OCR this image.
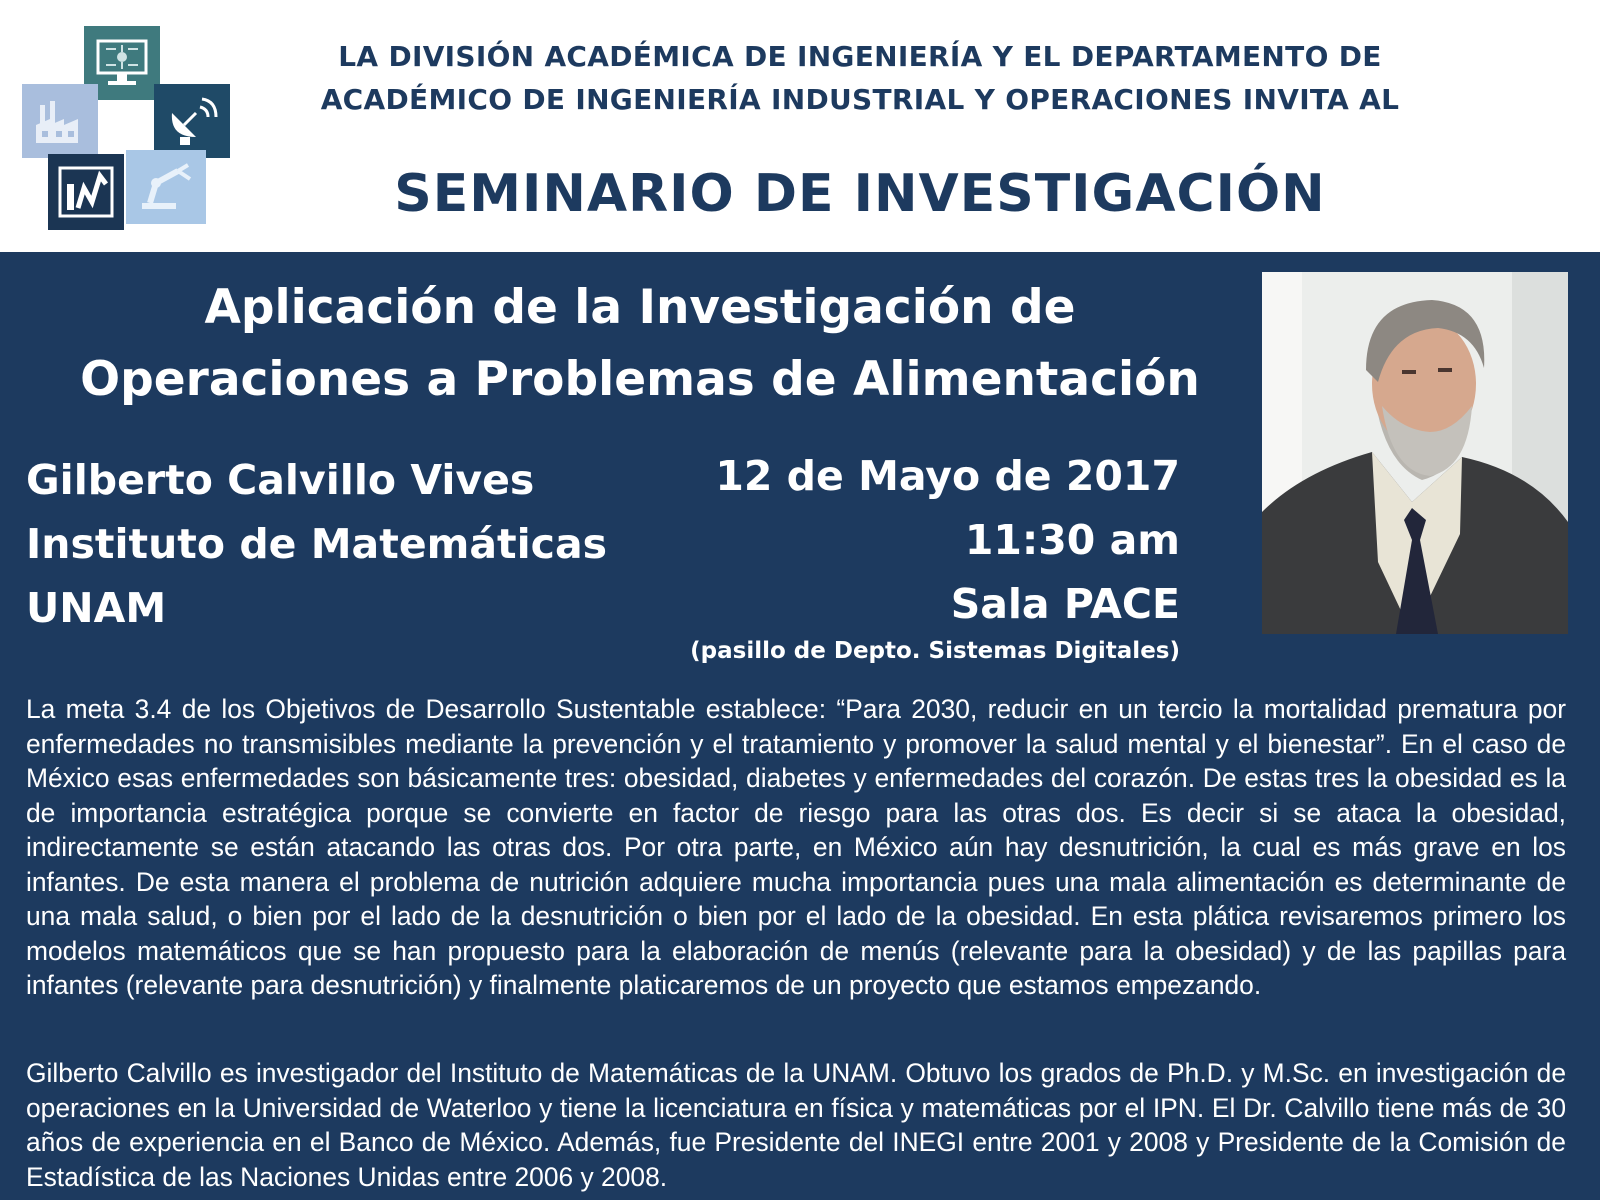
LA DIVISIÓN ACADÉMICA DE INGENIERÍA Y EL DEPARTAMENTO DE
ACADÉMICO DE INGENIERÍA INDUSTRIAL Y OPERACIONES INVITA AL
SEMINARIO DE INVESTIGACIÓN
Aplicación de la Investigación de
Operaciones a Problemas de Alimentación
Gilberto Calvillo Vives
Instituto de Matemáticas
UNAM
12 de Mayo de 2017
11:30 am
Sala PACE
(pasillo de Depto. Sistemas Digitales)
La meta 3.4 de los Objetivos de Desarrollo Sustentable establece: “Para 2030, reducir en un tercio la mortalidad prematura por enfermedades no transmisibles mediante la prevención y el tratamiento y promover la salud mental y el bienestar”. En el caso de México esas enfermedades son básicamente tres: obesidad, diabetes y enfermedades del corazón. De estas tres la obesidad es la de importancia estratégica porque se convierte en factor de riesgo para las otras dos. Es decir si se ataca la obesidad, indirectamente se están atacando las otras dos. Por otra parte, en México aún hay desnutrición, la cual es más grave en los infantes. De esta manera el problema de nutrición adquiere mucha importancia pues una mala alimentación es determinante de una mala salud, o bien por el lado de la desnutrición o bien por el lado de la obesidad. En esta plática revisaremos primero los modelos matemáticos que se han propuesto para la elaboración de menús (relevante para la obesidad) y de las papillas para infantes (relevante para desnutrición) y finalmente platicaremos de un proyecto que estamos empezando.
Gilberto Calvillo es investigador del Instituto de Matemáticas de la UNAM. Obtuvo los grados de Ph.D. y M.Sc. en investigación de operaciones en la Universidad de Waterloo y tiene la licenciatura en física y matemáticas por el IPN. El Dr. Calvillo tiene más de 30 años de experiencia en el Banco de México. Además, fue Presidente del INEGI entre 2001 y 2008 y Presidente de la Comisión de Estadística de las Naciones Unidas entre 2006 y 2008.
